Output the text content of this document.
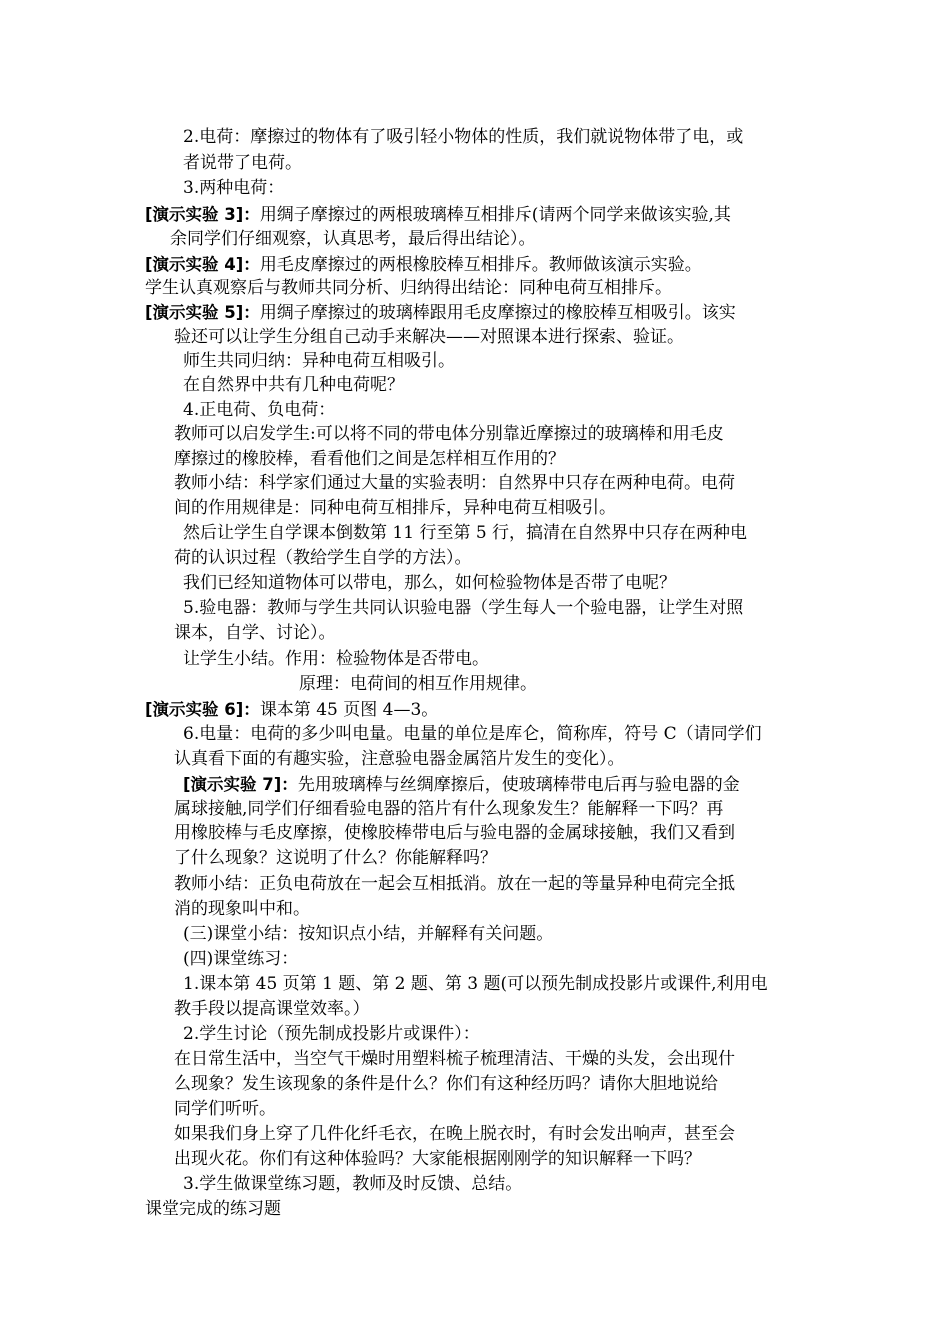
2.电荷：摩擦过的物体有了吸引轻小物体的性质，我们就说物体带了电，或
者说带了电荷。
3.两种电荷：
[演示实验 3]：用绸子摩擦过的两根玻璃棒互相排斥(请两个同学来做该实验,其
余同学们仔细观察，认真思考，最后得出结论）。
[演示实验 4]：用毛皮摩擦过的两根橡胶棒互相排斥。教师做该演示实验。
学生认真观察后与教师共同分析、归纳得出结论：同种电荷互相排斥。
[演示实验 5]：用绸子摩擦过的玻璃棒跟用毛皮摩擦过的橡胶棒互相吸引。该实
验还可以让学生分组自己动手来解决——对照课本进行探索、验证。
师生共同归纳：异种电荷互相吸引。
在自然界中共有几种电荷呢？
4.正电荷、负电荷：
教师可以启发学生:可以将不同的带电体分别靠近摩擦过的玻璃棒和用毛皮
摩擦过的橡胶棒，看看他们之间是怎样相互作用的？
教师小结：科学家们通过大量的实验表明：自然界中只存在两种电荷。电荷
间的作用规律是：同种电荷互相排斥，异种电荷互相吸引。
然后让学生自学课本倒数第 11 行至第 5 行，搞清在自然界中只存在两种电
荷的认识过程（教给学生自学的方法）。
我们已经知道物体可以带电，那么，如何检验物体是否带了电呢？
5.验电器：教师与学生共同认识验电器（学生每人一个验电器，让学生对照
课本，自学、讨论）。
让学生小结。作用：检验物体是否带电。
原理：电荷间的相互作用规律。
[演示实验 6]：课本第 45 页图 4—3。
6.电量：电荷的多少叫电量。电量的单位是库仑，简称库，符号 C（请同学们
认真看下面的有趣实验，注意验电器金属箔片发生的变化）。
[演示实验 7]：先用玻璃棒与丝绸摩擦后，使玻璃棒带电后再与验电器的金
属球接触,同学们仔细看验电器的箔片有什么现象发生？能解释一下吗？再
用橡胶棒与毛皮摩擦，使橡胶棒带电后与验电器的金属球接触，我们又看到
了什么现象？这说明了什么？你能解释吗？
教师小结：正负电荷放在一起会互相抵消。放在一起的等量异种电荷完全抵
消的现象叫中和。
(三)课堂小结：按知识点小结，并解释有关问题。
(四)课堂练习：
1.课本第 45 页第 1 题、第 2 题、第 3 题(可以预先制成投影片或课件,利用电
教手段以提高课堂效率。）
2.学生讨论（预先制成投影片或课件）：
在日常生活中，当空气干燥时用塑料梳子梳理清洁、干燥的头发，会出现什
么现象？发生该现象的条件是什么？你们有这种经历吗？请你大胆地说给
同学们听听。
如果我们身上穿了几件化纤毛衣，在晚上脱衣时，有时会发出响声，甚至会
出现火花。你们有这种体验吗？大家能根据刚刚学的知识解释一下吗？
3.学生做课堂练习题，教师及时反馈、总结。
课堂完成的练习题
